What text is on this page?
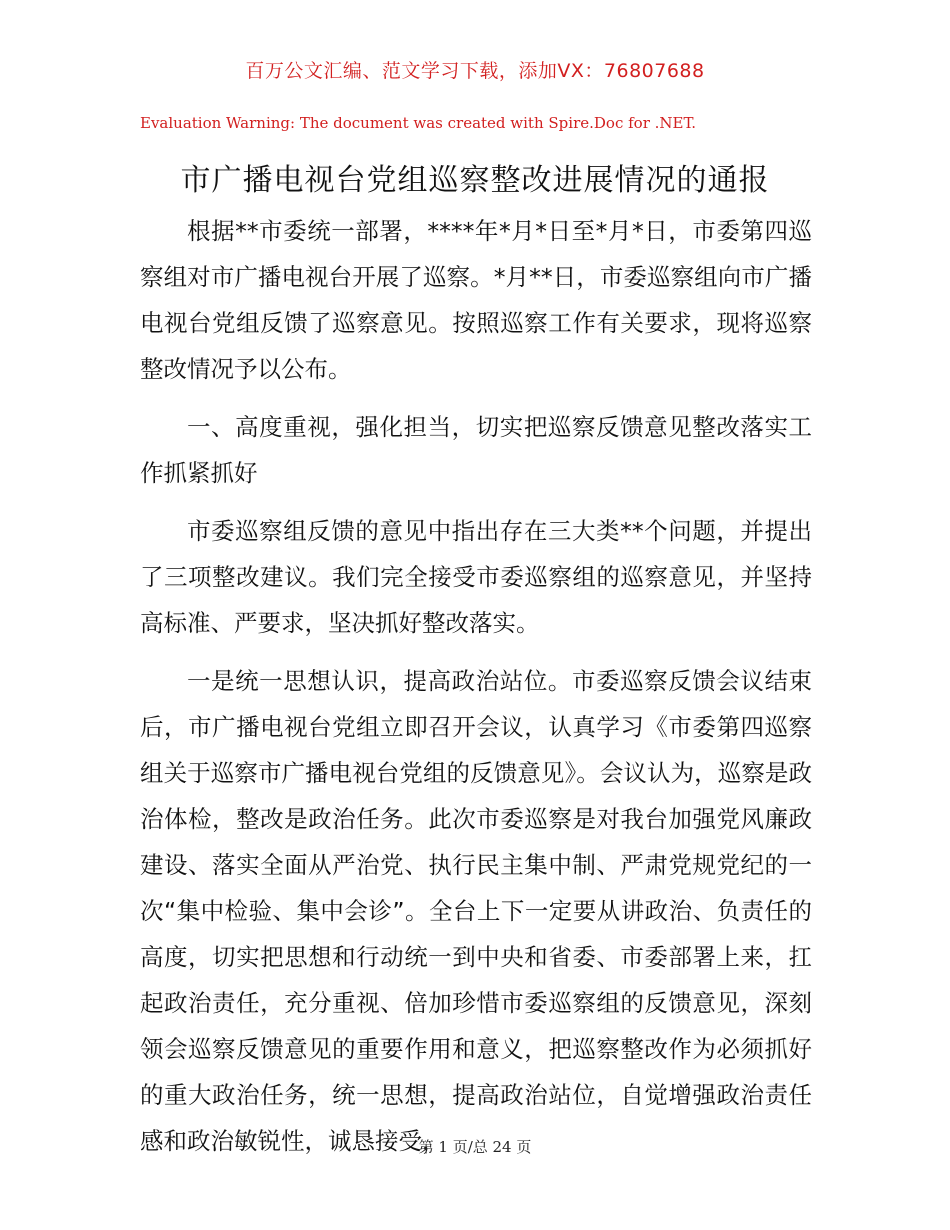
百万公文汇编、范文学习下载，添加VX：76807688
Evaluation Warning: The document was created with Spire.Doc for .NET.
市广播电视台党组巡察整改进展情况的通报

根据**市委统一部署，****年*月*日至*月*日，市委第四巡察组对市广播电视台开展了巡察。*月**日，市委巡察组向市广播电视台党组反馈了巡察意见。按照巡察工作有关要求，现将巡察整改情况予以公布。

一、高度重视，强化担当，切实把巡察反馈意见整改落实工作抓紧抓好

市委巡察组反馈的意见中指出存在三大类**个问题，并提出了三项整改建议。我们完全接受市委巡察组的巡察意见，并坚持高标准、严要求，坚决抓好整改落实。

一是统一思想认识，提高政治站位。市委巡察反馈会议结束后，市广播电视台党组立即召开会议，认真学习《市委第四巡察组关于巡察市广播电视台党组的反馈意见》。会议认为，巡察是政治体检，整改是政治任务。此次市委巡察是对我台加强党风廉政建设、落实全面从严治党、执行民主集中制、严肃党规党纪的一次“集中检验、集中会诊”。全台上下一定要从讲政治、负责任的高度，切实把思想和行动统一到中央和省委、市委部署上来，扛起政治责任，充分重视、倍加珍惜市委巡察组的反馈意见，深刻领会巡察反馈意见的重要作用和意义，把巡察整改作为必须抓好的重大政治任务，统一思想，提高政治站位，自觉增强政治责任感和政治敏锐性，诚恳接受，

第 1 页/总 24 页
